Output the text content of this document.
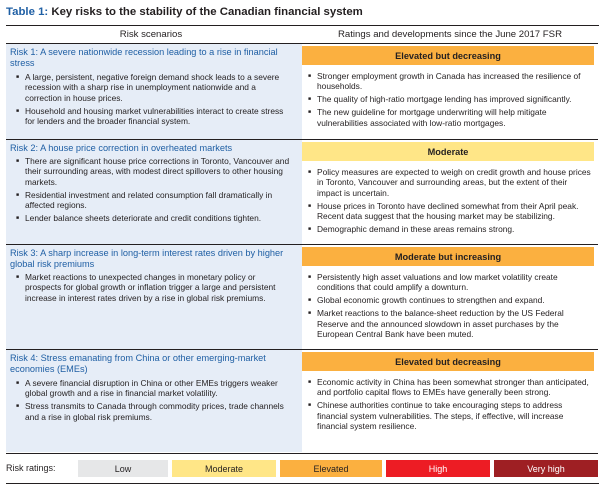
Table 1: Key risks to the stability of the Canadian financial system
Risk scenarios	Ratings and developments since the June 2017 FSR
Risk 1: A severe nationwide recession leading to a rise in financial stress
■ A large, persistent, negative foreign demand shock leads to a severe recession with a sharp rise in unemployment nationwide and a correction in house prices.
■ Household and housing market vulnerabilities interact to create stress for lenders and the broader financial system.
Elevated but decreasing
■ Stronger employment growth in Canada has increased the resilience of households.
■ The quality of high-ratio mortgage lending has improved significantly.
■ The new guideline for mortgage underwriting will help mitigate vulnerabilities associated with low-ratio mortgages.
Risk 2: A house price correction in overheated markets
■ There are significant house price corrections in Toronto, Vancouver and their surrounding areas, with modest direct spillovers to other housing markets.
■ Residential investment and related consumption fall dramatically in affected regions.
■ Lender balance sheets deteriorate and credit conditions tighten.
Moderate
■ Policy measures are expected to weigh on credit growth and house prices in Toronto, Vancouver and surrounding areas, but the extent of their impact is uncertain.
■ House prices in Toronto have declined somewhat from their April peak. Recent data suggest that the housing market may be stabilizing.
■ Demographic demand in these areas remains strong.
Risk 3: A sharp increase in long-term interest rates driven by higher global risk premiums
■ Market reactions to unexpected changes in monetary policy or prospects for global growth or inflation trigger a large and persistent increase in interest rates driven by a rise in global risk premiums.
Moderate but increasing
■ Persistently high asset valuations and low market volatility create conditions that could amplify a downturn.
■ Global economic growth continues to strengthen and expand.
■ Market reactions to the balance-sheet reduction by the US Federal Reserve and the announced slowdown in asset purchases by the European Central Bank have been muted.
Risk 4: Stress emanating from China or other emerging-market economies (EMEs)
■ A severe financial disruption in China or other EMEs triggers weaker global growth and a rise in financial market volatility.
■ Stress transmits to Canada through commodity prices, trade channels and a rise in global risk premiums.
Elevated but decreasing
■ Economic activity in China has been somewhat stronger than anticipated, and portfolio capital flows to EMEs have generally been strong.
■ Chinese authorities continue to take encouraging steps to address financial system vulnerabilities. The steps, if effective, will increase financial system resilience.
Risk ratings:	Low	Moderate	Elevated	High	Very high
